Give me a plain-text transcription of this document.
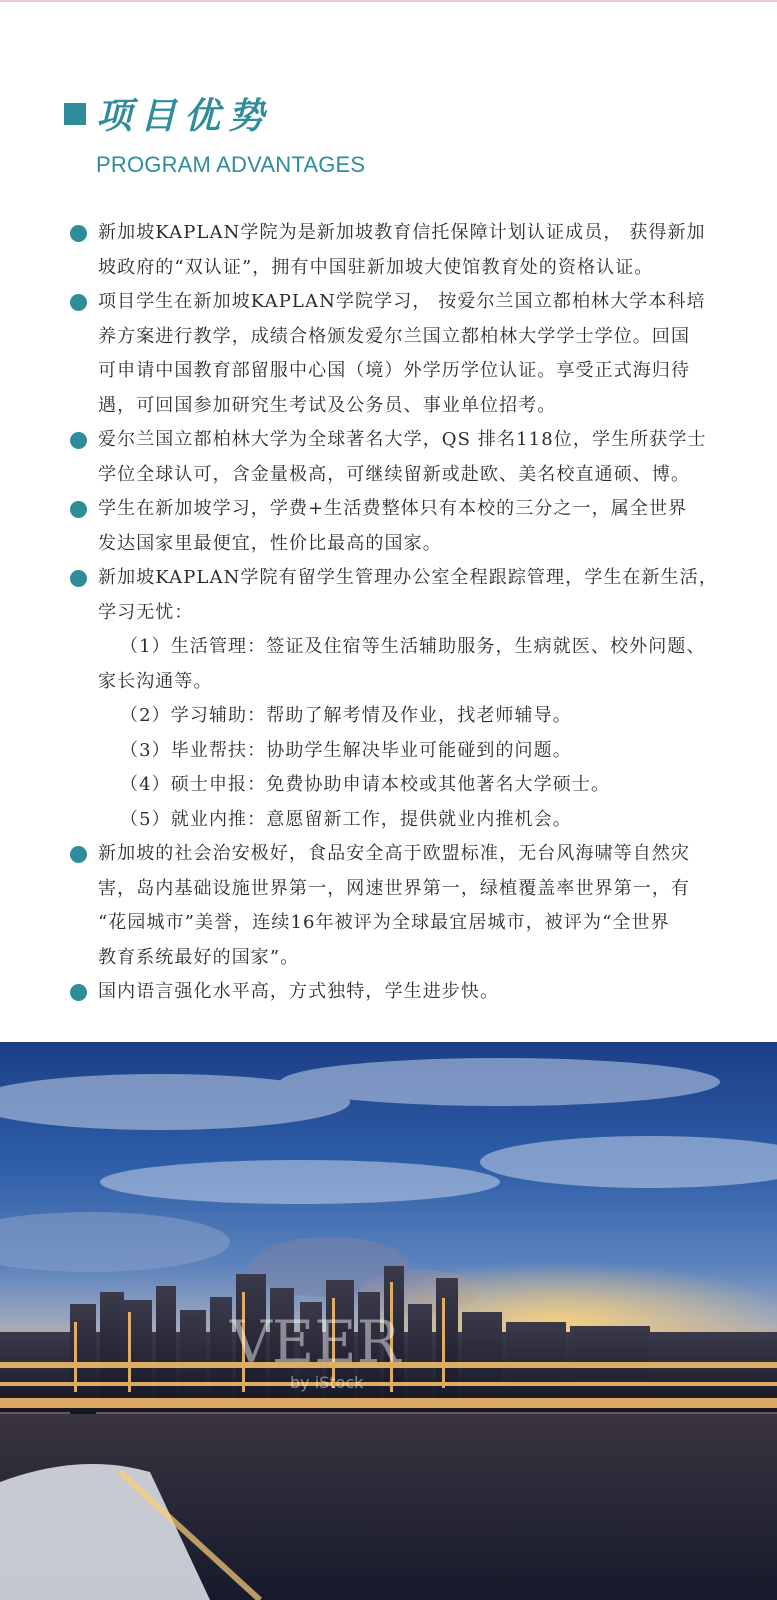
项目优势
PROGRAM ADVANTAGES
新加坡KAPLAN学院为是新加坡教育信托保障计划认证成员， 获得新加
坡政府的“双认证”，拥有中国驻新加坡大使馆教育处的资格认证。
项目学生在新加坡KAPLAN学院学习， 按爱尔兰国立都柏林大学本科培
养方案进行教学，成绩合格颁发爱尔兰国立都柏林大学学士学位。回国
可申请中国教育部留服中心国（境）外学历学位认证。享受正式海归待
遇，可回国参加研究生考试及公务员、事业单位招考。
爱尔兰国立都柏林大学为全球著名大学，QS 排名118位，学生所获学士
学位全球认可，含金量极高，可继续留新或赴欧、美名校直通硕、博。
学生在新加坡学习，学费+生活费整体只有本校的三分之一，属全世界
发达国家里最便宜，性价比最高的国家。
新加坡KAPLAN学院有留学生管理办公室全程跟踪管理，学生在新生活，
学习无忧：
（1）生活管理：签证及住宿等生活辅助服务，生病就医、校外问题、
家长沟通等。
（2）学习辅助：帮助了解考情及作业，找老师辅导。
（3）毕业帮扶：协助学生解决毕业可能碰到的问题。
（4）硕士申报：免费协助申请本校或其他著名大学硕士。
（5）就业内推：意愿留新工作，提供就业内推机会。
新加坡的社会治安极好，食品安全高于欧盟标准，无台风海啸等自然灾
害，岛内基础设施世界第一，网速世界第一，绿植覆盖率世界第一，有
“花园城市”美誉，连续16年被评为全球最宜居城市，被评为“全世界
教育系统最好的国家”。
国内语言强化水平高，方式独特，学生进步快。
VEER
by iStock
